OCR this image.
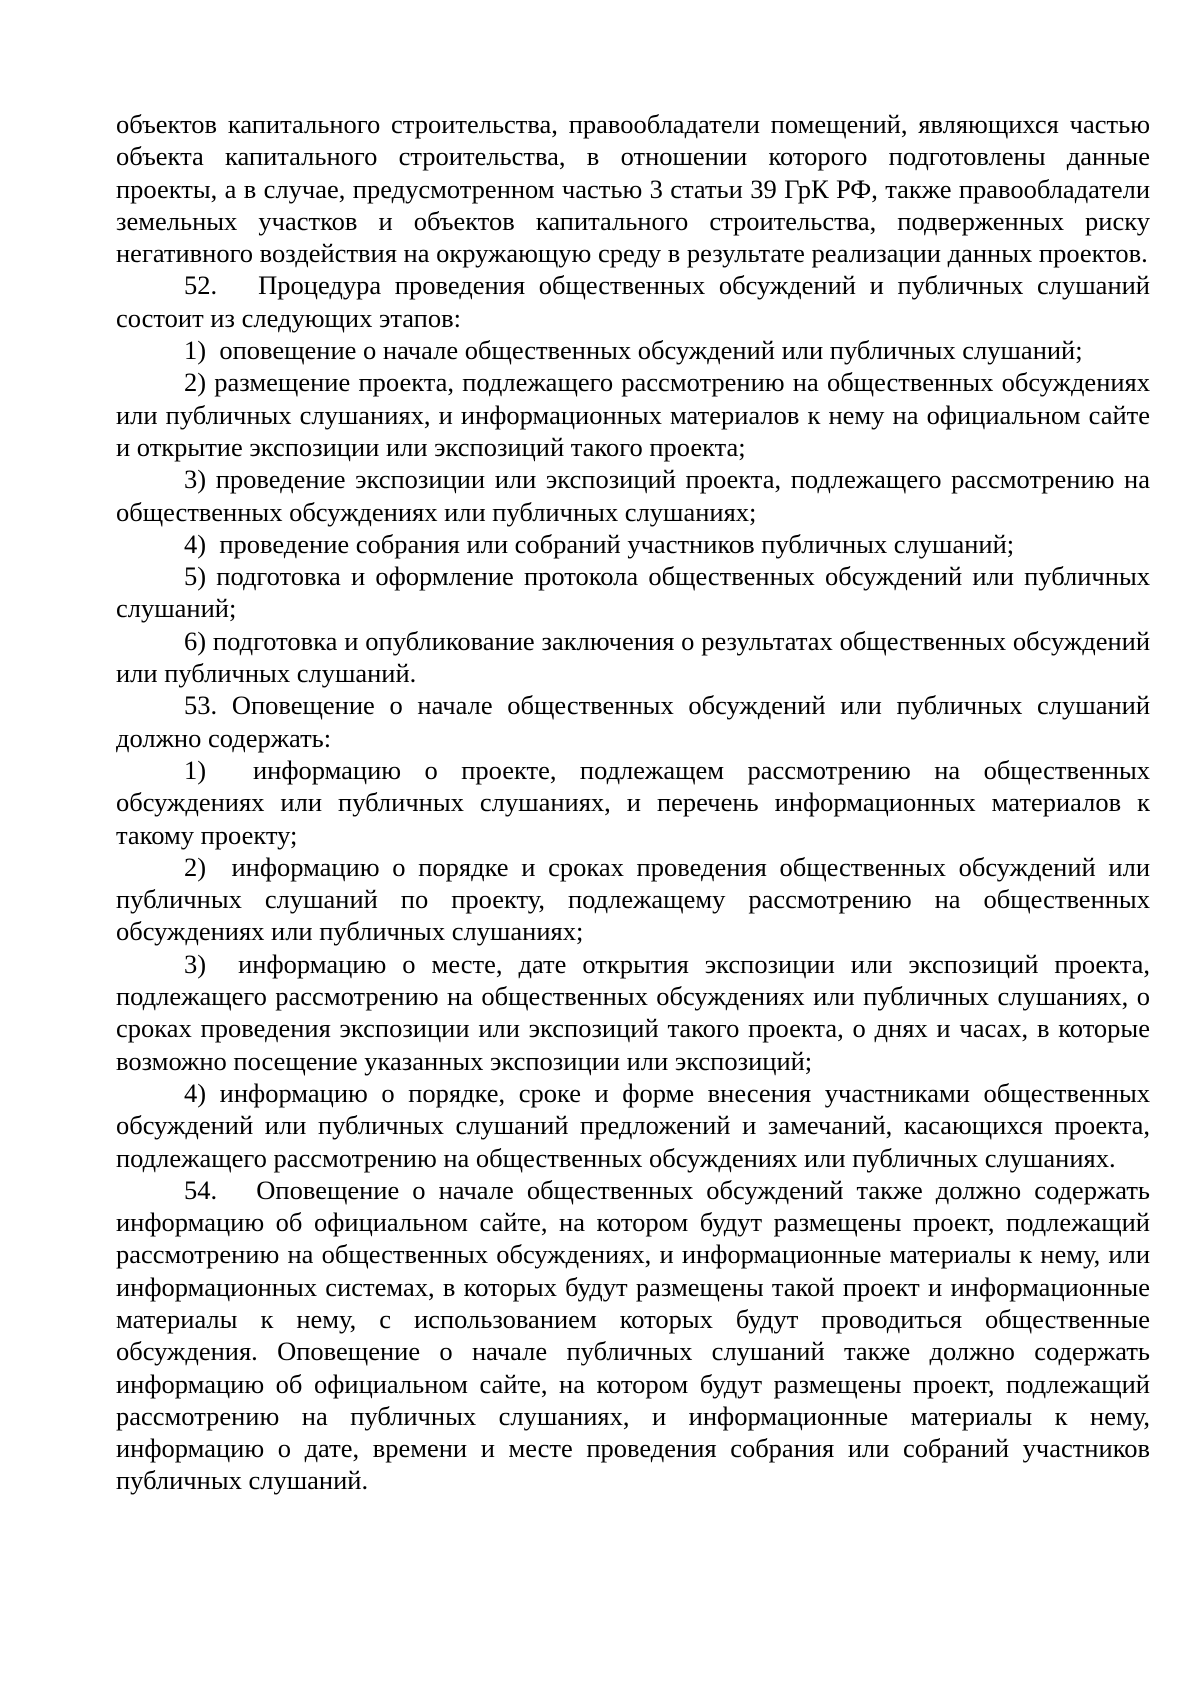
объектов капитального строительства, правообладатели помещений, являющихся частью объекта капитального строительства, в отношении которого подготовлены данные проекты, а в случае, предусмотренном частью 3 статьи 39 ГрК РФ, также правообладатели земельных участков и объектов капитального строительства, подверженных риску негативного воздействия на окружающую среду в результате реализации данных проектов.

52. Процедура проведения общественных обсуждений и публичных слушаний состоит из следующих этапов:

1) оповещение о начале общественных обсуждений или публичных слушаний;

2) размещение проекта, подлежащего рассмотрению на общественных обсуждениях или публичных слушаниях, и информационных материалов к нему на официальном сайте и открытие экспозиции или экспозиций такого проекта;

3) проведение экспозиции или экспозиций проекта, подлежащего рассмотрению на общественных обсуждениях или публичных слушаниях;

4) проведение собрания или собраний участников публичных слушаний;

5) подготовка и оформление протокола общественных обсуждений или публичных слушаний;

6) подготовка и опубликование заключения о результатах общественных обсуждений или публичных слушаний.

53. Оповещение о начале общественных обсуждений или публичных слушаний должно содержать:

1) информацию о проекте, подлежащем рассмотрению на общественных обсуждениях или публичных слушаниях, и перечень информационных материалов к такому проекту;

2) информацию о порядке и сроках проведения общественных обсуждений или публичных слушаний по проекту, подлежащему рассмотрению на общественных обсуждениях или публичных слушаниях;

3) информацию о месте, дате открытия экспозиции или экспозиций проекта, подлежащего рассмотрению на общественных обсуждениях или публичных слушаниях, о сроках проведения экспозиции или экспозиций такого проекта, о днях и часах, в которые возможно посещение указанных экспозиции или экспозиций;

4) информацию о порядке, сроке и форме внесения участниками общественных обсуждений или публичных слушаний предложений и замечаний, касающихся проекта, подлежащего рассмотрению на общественных обсуждениях или публичных слушаниях.

54. Оповещение о начале общественных обсуждений также должно содержать информацию об официальном сайте, на котором будут размещены проект, подлежащий рассмотрению на общественных обсуждениях, и информационные материалы к нему, или информационных системах, в которых будут размещены такой проект и информационные материалы к нему, с использованием которых будут проводиться общественные обсуждения. Оповещение о начале публичных слушаний также должно содержать информацию об официальном сайте, на котором будут размещены проект, подлежащий рассмотрению на публичных слушаниях, и информационные материалы к нему, информацию о дате, времени и месте проведения собрания или собраний участников публичных слушаний.
